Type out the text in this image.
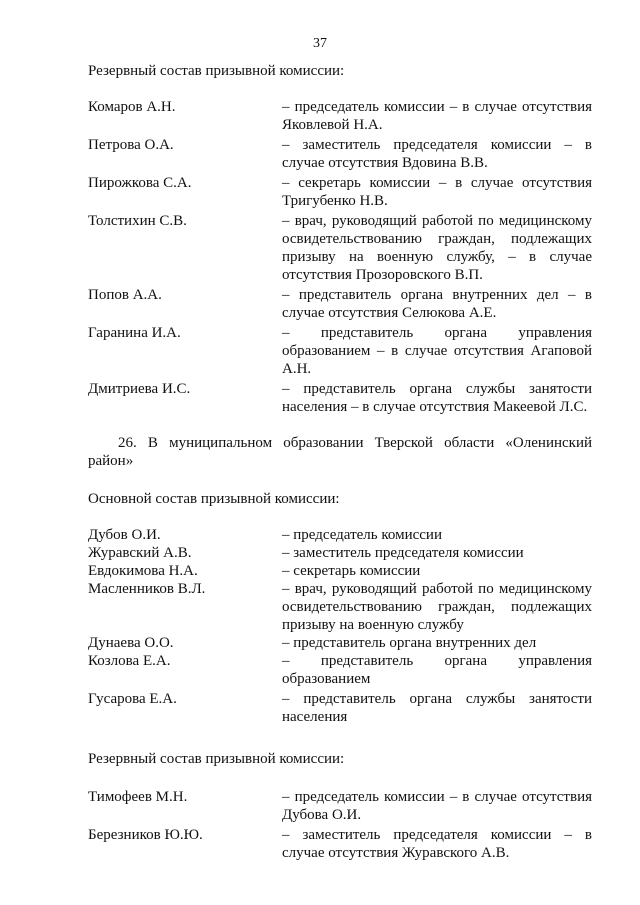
37

Резервный состав призывной комиссии:

Комаров А.Н.	– председатель комиссии – в случае отсутствия Яковлевой Н.А.
Петрова О.А.	– заместитель председателя комиссии – в случае отсутствия Вдовина В.В.
Пирожкова С.А.	– секретарь комиссии – в случае отсутствия Тригубенко Н.В.
Толстихин С.В.	– врач, руководящий работой по медицинскому освидетельствованию граждан, подлежащих призыву на военную службу, – в случае отсутствия Прозоровского В.П.
Попов А.А.	– представитель органа внутренних дел – в случае отсутствия Селюкова А.Е.
Гаранина И.А.	– представитель органа управления образованием – в случае отсутствия Агаповой А.Н.
Дмитриева И.С.	– представитель органа службы занятости населения – в случае отсутствия Макеевой Л.С.

26. В муниципальном образовании Тверской области «Оленинский район»

Основной состав призывной комиссии:

Дубов О.И.	– председатель комиссии
Журавский А.В.	– заместитель председателя комиссии
Евдокимова Н.А.	– секретарь комиссии
Масленников В.Л.	– врач, руководящий работой по медицинскому освидетельствованию граждан, подлежащих призыву на военную службу
Дунаева О.О.	– представитель органа внутренних дел
Козлова Е.А.	– представитель органа управления образованием
Гусарова Е.А.	– представитель органа службы занятости населения

Резервный состав призывной комиссии:

Тимофеев М.Н.	– председатель комиссии – в случае отсутствия Дубова О.И.
Березников Ю.Ю.	– заместитель председателя комиссии – в случае отсутствия Журавского А.В.
